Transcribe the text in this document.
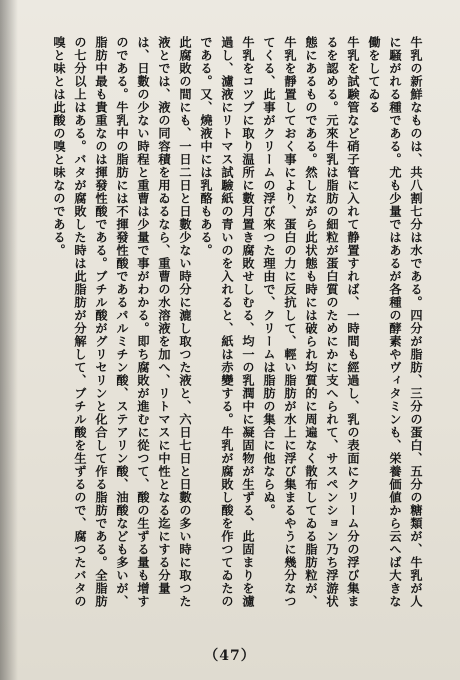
牛乳の新鮮なものは、共八割七分は水である。四分が脂肪、三分の蛋白、五分の糖類が、牛乳が人に騒がれる種である。尤も少量ではあるが各種の酵素やヴィタミンも、栄養価値から云へば大きな働をしてゐる

牛乳を試験管など硝子管に入れて静置すれば、一時間も經過し、乳の表面にクリーム分の浮び集まるを認める。元來牛乳は脂肪の細粒が蛋白質のためにかに支へられて、サスペンション乃ち浮游状態にあるものである。然しながら此状態も時には破られ均質的に周遍なく散布してゐる脂肪粒が、牛乳を靜置しておく事により、蛋白の力に反抗して、輕い脂肪が水上に浮び集まるやうに幾分なつてくる、此事がクリームの浮び來つた理由で、クリームは脂肪の集合に他ならぬ。

牛乳をコツプに取り温所に數月置き腐敗せしむる、均一の乳潤中に凝固物が生ずる、此固まりを濾過し、濾液にリトマス試驗紙の青いのを入れると、紙は赤變する。牛乳が腐敗し酸を作つてゐたのである。又、燒液中には乳酪もある。

此腐敗の間にも、一日二日と日數少ない時分に漉し取つた液と、六日七日と日數の多い時に取つた液とでは、液の同容積を用ゐるなら、重曹の水溶液を加へ、リトマスに中性となる迄にする分量は、日數の少ない時程と重曹は少量で事がわかる。即ち腐敗が進むに從つて、酸の生ずる量も增すのである。牛乳中の脂肪には不揮發性酸であるパルミチン酸、ステアリン酸、油酸なども多いが、脂肪中最も貴重なのは揮發性酸である。ブチル酸がグリセリンと化合して作る脂肪である。全脂肪の七分以上はある。バタが腐敗した時は此脂肪が分解して、ブチル酸を生ずるので、腐つたバタの嗅と味とは此酸の嗅と味なのである。

（47）
